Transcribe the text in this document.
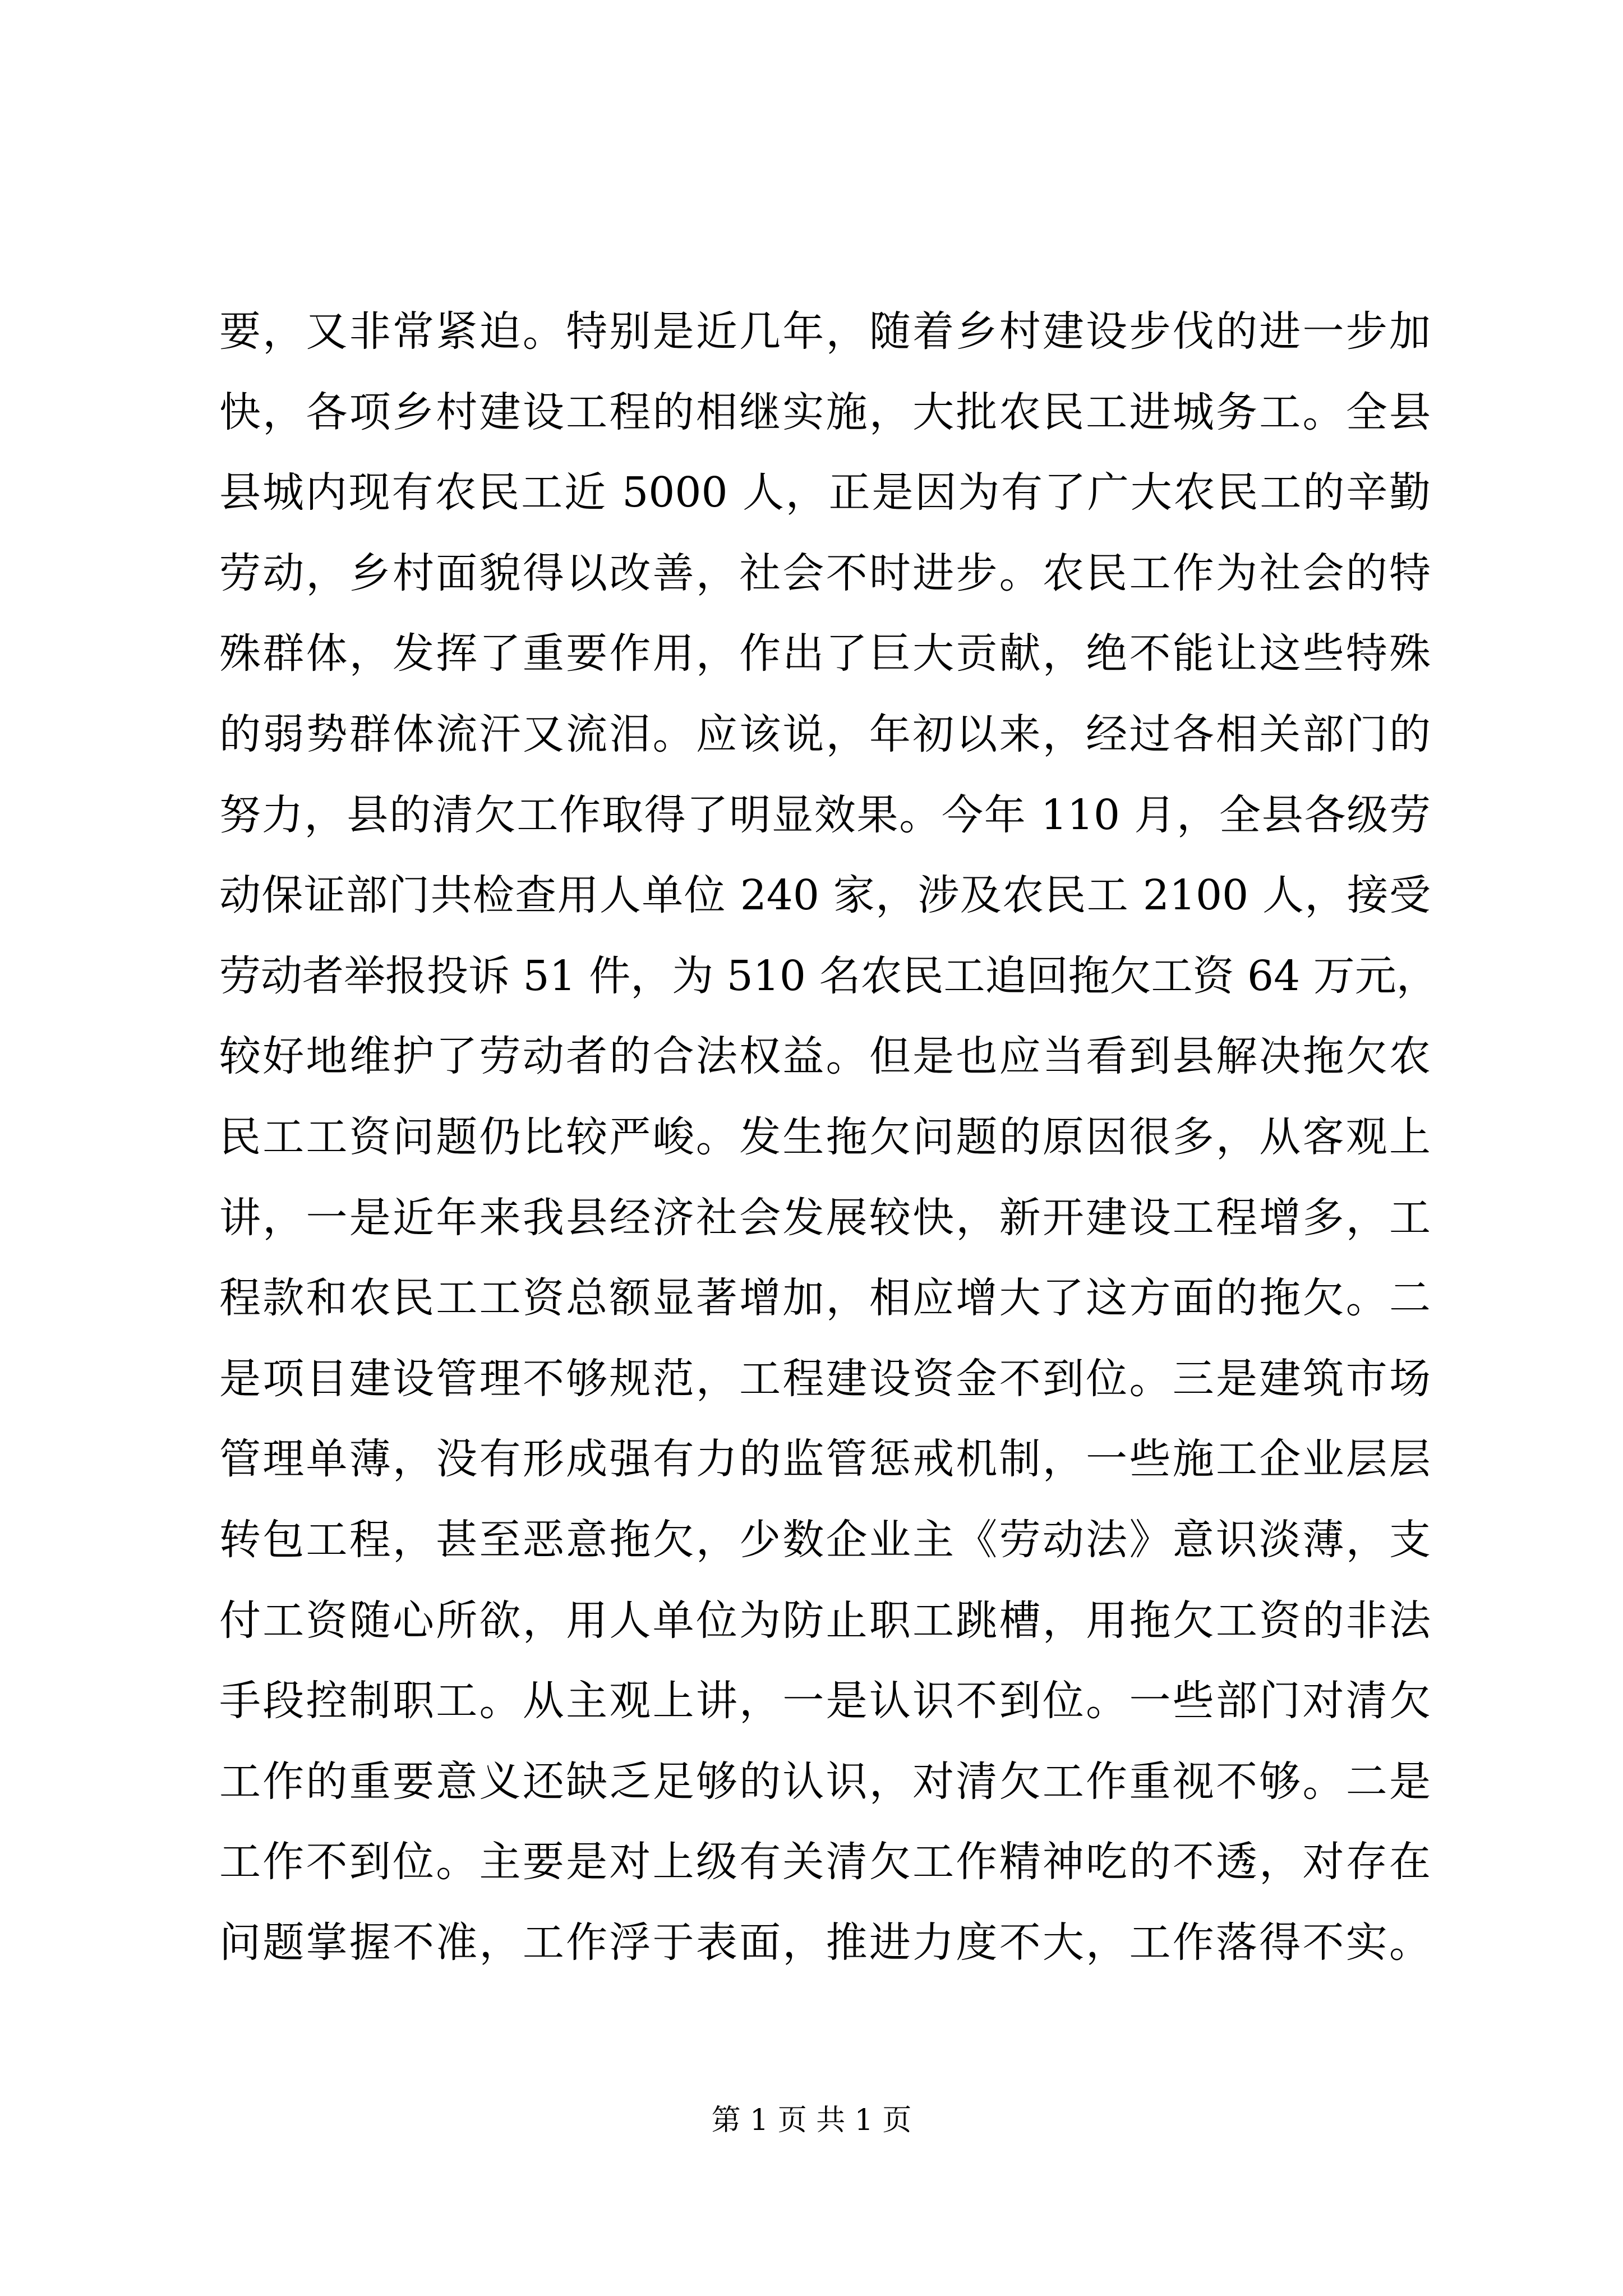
要，又非常紧迫。特别是近几年，随着乡村建设步伐的进一步加
快，各项乡村建设工程的相继实施，大批农民工进城务工。全县
县城内现有农民工近 5000 人，正是因为有了广大农民工的辛勤
劳动，乡村面貌得以改善，社会不时进步。农民工作为社会的特
殊群体，发挥了重要作用，作出了巨大贡献，绝不能让这些特殊
的弱势群体流汗又流泪。应该说，年初以来，经过各相关部门的
努力，县的清欠工作取得了明显效果。今年 110 月，全县各级劳
动保证部门共检查用人单位 240 家，涉及农民工 2100 人，接受
劳动者举报投诉 51 件，为 510 名农民工追回拖欠工资 64 万元，
较好地维护了劳动者的合法权益。但是也应当看到县解决拖欠农
民工工资问题仍比较严峻。发生拖欠问题的原因很多，从客观上
讲，一是近年来我县经济社会发展较快，新开建设工程增多，工
程款和农民工工资总额显著增加，相应增大了这方面的拖欠。二
是项目建设管理不够规范，工程建设资金不到位。三是建筑市场
管理单薄，没有形成强有力的监管惩戒机制，一些施工企业层层
转包工程，甚至恶意拖欠，少数企业主《劳动法》意识淡薄，支
付工资随心所欲，用人单位为防止职工跳槽，用拖欠工资的非法
手段控制职工。从主观上讲，一是认识不到位。一些部门对清欠
工作的重要意义还缺乏足够的认识，对清欠工作重视不够。二是
工作不到位。主要是对上级有关清欠工作精神吃的不透，对存在
问题掌握不准，工作浮于表面，推进力度不大，工作落得不实。
第 1 页 共 1 页
